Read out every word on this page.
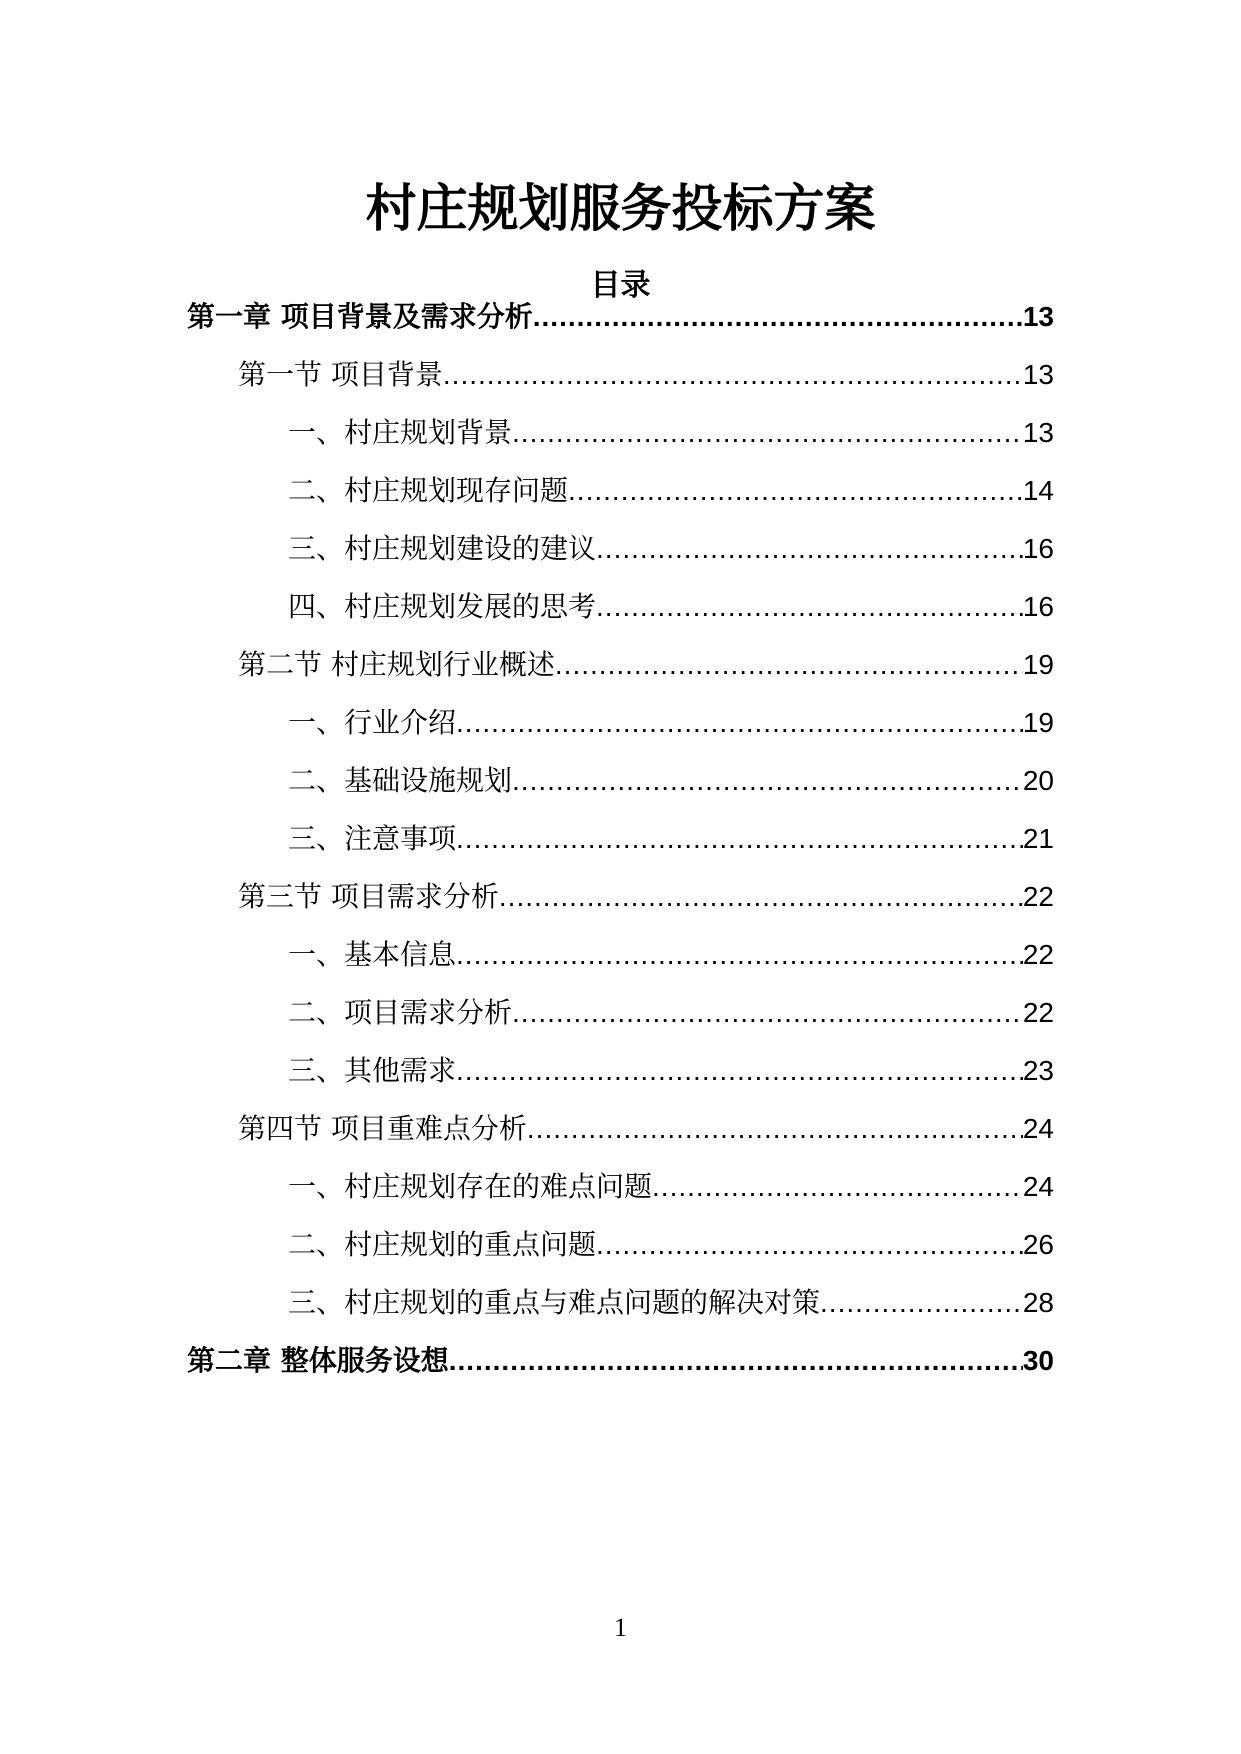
村庄规划服务投标方案
目录
第一章 项目背景及需求分析 .....	13
第一节 项目背景 .....	13
一、村庄规划背景 .....	13
二、村庄规划现存问题 .....	14
三、村庄规划建设的建议 .....	16
四、村庄规划发展的思考 .....	16
第二节 村庄规划行业概述 .....	19
一、行业介绍 .....	19
二、基础设施规划 .....	20
三、注意事项 .....	21
第三节 项目需求分析 .....	22
一、基本信息 .....	22
二、项目需求分析 .....	22
三、其他需求 .....	23
第四节 项目重难点分析 .....	24
一、村庄规划存在的难点问题 .....	24
二、村庄规划的重点问题 .....	26
三、村庄规划的重点与难点问题的解决对策 .....	28
第二章 整体服务设想 .....	30
1
